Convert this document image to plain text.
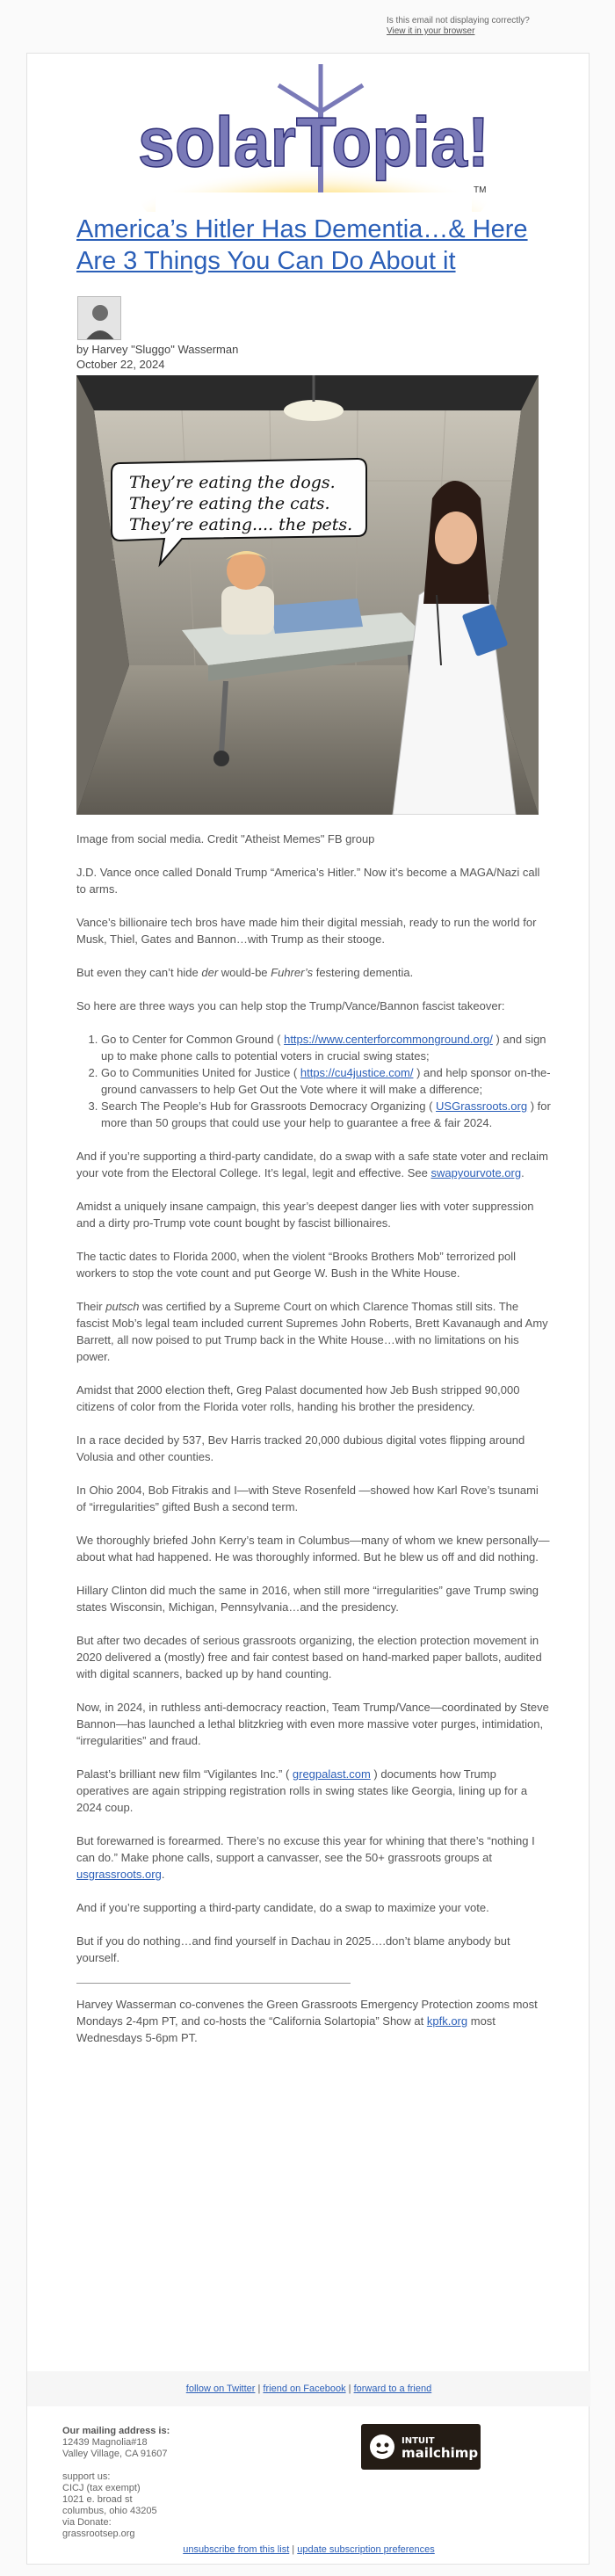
Is this email not displaying correctly?
View it in your browser
solarTopia!
TM
America’s Hitler Has Dementia…& Here Are 3 Things You Can Do About it
by Harvey "Sluggo" Wasserman
October 22, 2024
They’re eating the dogs.
They’re eating the cats.
They’re eating.... the pets.

Image from social media. Credit "Atheist Memes" FB group

J.D. Vance once called Donald Trump “America’s Hitler.” Now it’s become a MAGA/Nazi call to arms.

Vance’s billionaire tech bros have made him their digital messiah, ready to run the world for Musk, Thiel, Gates and Bannon…with Trump as their stooge.

But even they can’t hide der would-be Fuhrer’s festering dementia.

So here are three ways you can help stop the Trump/Vance/Bannon fascist takeover:

1. Go to Center for Common Ground ( https://www.centerforcommonground.org/ ) and sign up to make phone calls to potential voters in crucial swing states;
2. Go to Communities United for Justice ( https://cu4justice.com/ ) and help sponsor on-the-ground canvassers to help Get Out the Vote where it will make a difference;
3. Search The People’s Hub for Grassroots Democracy Organizing ( USGrassroots.org ) for more than 50 groups that could use your help to guarantee a free & fair 2024.

And if you’re supporting a third-party candidate, do a swap with a safe state voter and reclaim your vote from the Electoral College. It’s legal, legit and effective. See swapyourvote.org.

Amidst a uniquely insane campaign, this year’s deepest danger lies with voter suppression and a dirty pro-Trump vote count bought by fascist billionaires.

The tactic dates to Florida 2000, when the violent “Brooks Brothers Mob” terrorized poll workers to stop the vote count and put George W. Bush in the White House.

Their putsch was certified by a Supreme Court on which Clarence Thomas still sits. The fascist Mob’s legal team included current Supremes John Roberts, Brett Kavanaugh and Amy Barrett, all now poised to put Trump back in the White House…with no limitations on his power.

Amidst that 2000 election theft, Greg Palast documented how Jeb Bush stripped 90,000 citizens of color from the Florida voter rolls, handing his brother the presidency.

In a race decided by 537, Bev Harris tracked 20,000 dubious digital votes flipping around Volusia and other counties.

In Ohio 2004, Bob Fitrakis and I—with Steve Rosenfeld —showed how Karl Rove’s tsunami of “irregularities” gifted Bush a second term.

We thoroughly briefed John Kerry’s team in Columbus—many of whom we knew personally—about what had happened. He was thoroughly informed. But he blew us off and did nothing.

Hillary Clinton did much the same in 2016, when still more “irregularities” gave Trump swing states Wisconsin, Michigan, Pennsylvania…and the presidency.

But after two decades of serious grassroots organizing, the election protection movement in 2020 delivered a (mostly) free and fair contest based on hand-marked paper ballots, audited with digital scanners, backed up by hand counting.

Now, in 2024, in ruthless anti-democracy reaction, Team Trump/Vance—coordinated by Steve Bannon—has launched a lethal blitzkrieg with even more massive voter purges, intimidation, “irregularities” and fraud.

Palast’s brilliant new film “Vigilantes Inc.” ( gregpalast.com ) documents how Trump operatives are again stripping registration rolls in swing states like Georgia, lining up for a 2024 coup.

But forewarned is forearmed. There’s no excuse this year for whining that there’s “nothing I can do.” Make phone calls, support a canvasser, see the 50+ grassroots groups at usgrassroots.org.

And if you’re supporting a third-party candidate, do a swap to maximize your vote.

But if you do nothing…and find yourself in Dachau in 2025….don’t blame anybody but yourself.

Harvey Wasserman co-convenes the Green Grassroots Emergency Protection zooms most Mondays 2-4pm PT, and co-hosts the “California Solartopia” Show at kpfk.org most Wednesdays 5-6pm PT.

follow on Twitter | friend on Facebook | forward to a friend
Our mailing address is:
12439 Magnolia#18
Valley Village, CA 91607

support us:
CICJ (tax exempt)
1021 e. broad st
columbus, ohio 43205
via Donate:
grassrootsep.org
INTUIT
mailchimp
unsubscribe from this list | update subscription preferences
